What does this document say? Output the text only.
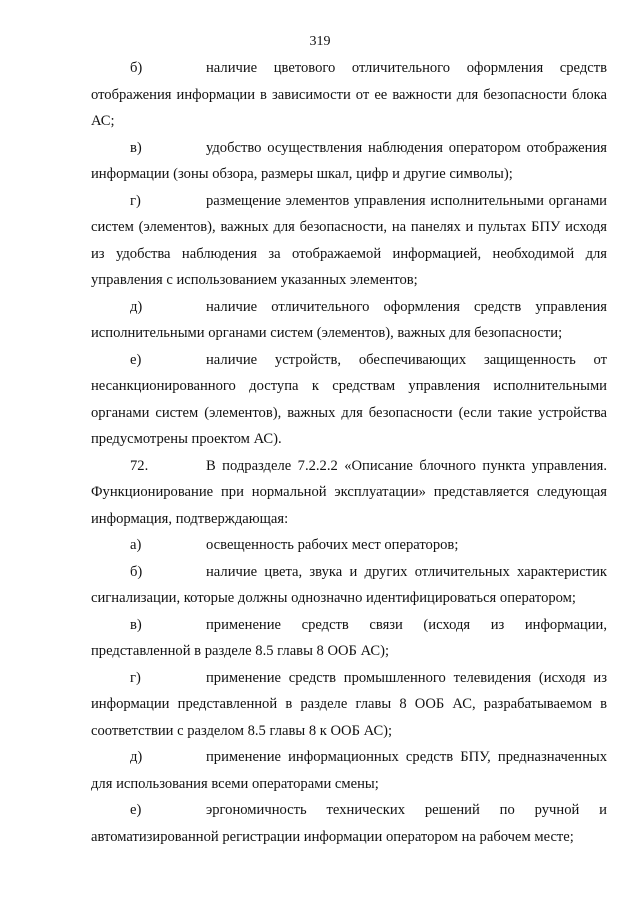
319

б)	наличие цветового отличительного оформления средств отображения информации в зависимости от ее важности для безопасности блока АС;

в)	удобство осуществления наблюдения оператором отображения информации (зоны обзора, размеры шкал, цифр и другие символы);

г)	размещение элементов управления исполнительными органами систем (элементов), важных для безопасности, на панелях и пультах БПУ исходя из удобства наблюдения за отображаемой информацией, необходимой для управления с использованием указанных элементов;

д)	наличие отличительного оформления средств управления исполнительными органами систем (элементов), важных для безопасности;

е)	наличие устройств, обеспечивающих защищенность от несанкционированного доступа к средствам управления исполнительными органами систем (элементов), важных для безопасности (если такие устройства предусмотрены проектом АС).

72.	В подразделе 7.2.2.2 «Описание блочного пункта управления. Функционирование при нормальной эксплуатации» представляется следующая информация, подтверждающая:

а)	освещенность рабочих мест операторов;

б)	наличие цвета, звука и других отличительных характеристик сигнализации, которые должны однозначно идентифицироваться оператором;

в)	применение средств связи (исходя из информации, представленной в разделе 8.5 главы 8 ООБ АС);

г)	применение средств промышленного телевидения (исходя из информации представленной в разделе главы 8 ООБ АС, разрабатываемом в соответствии с разделом 8.5 главы 8 к ООБ АС);

д)	применение информационных средств БПУ, предназначенных для использования всеми операторами смены;

е)	эргономичность технических решений по ручной и автоматизированной регистрации информации оператором на рабочем месте;
